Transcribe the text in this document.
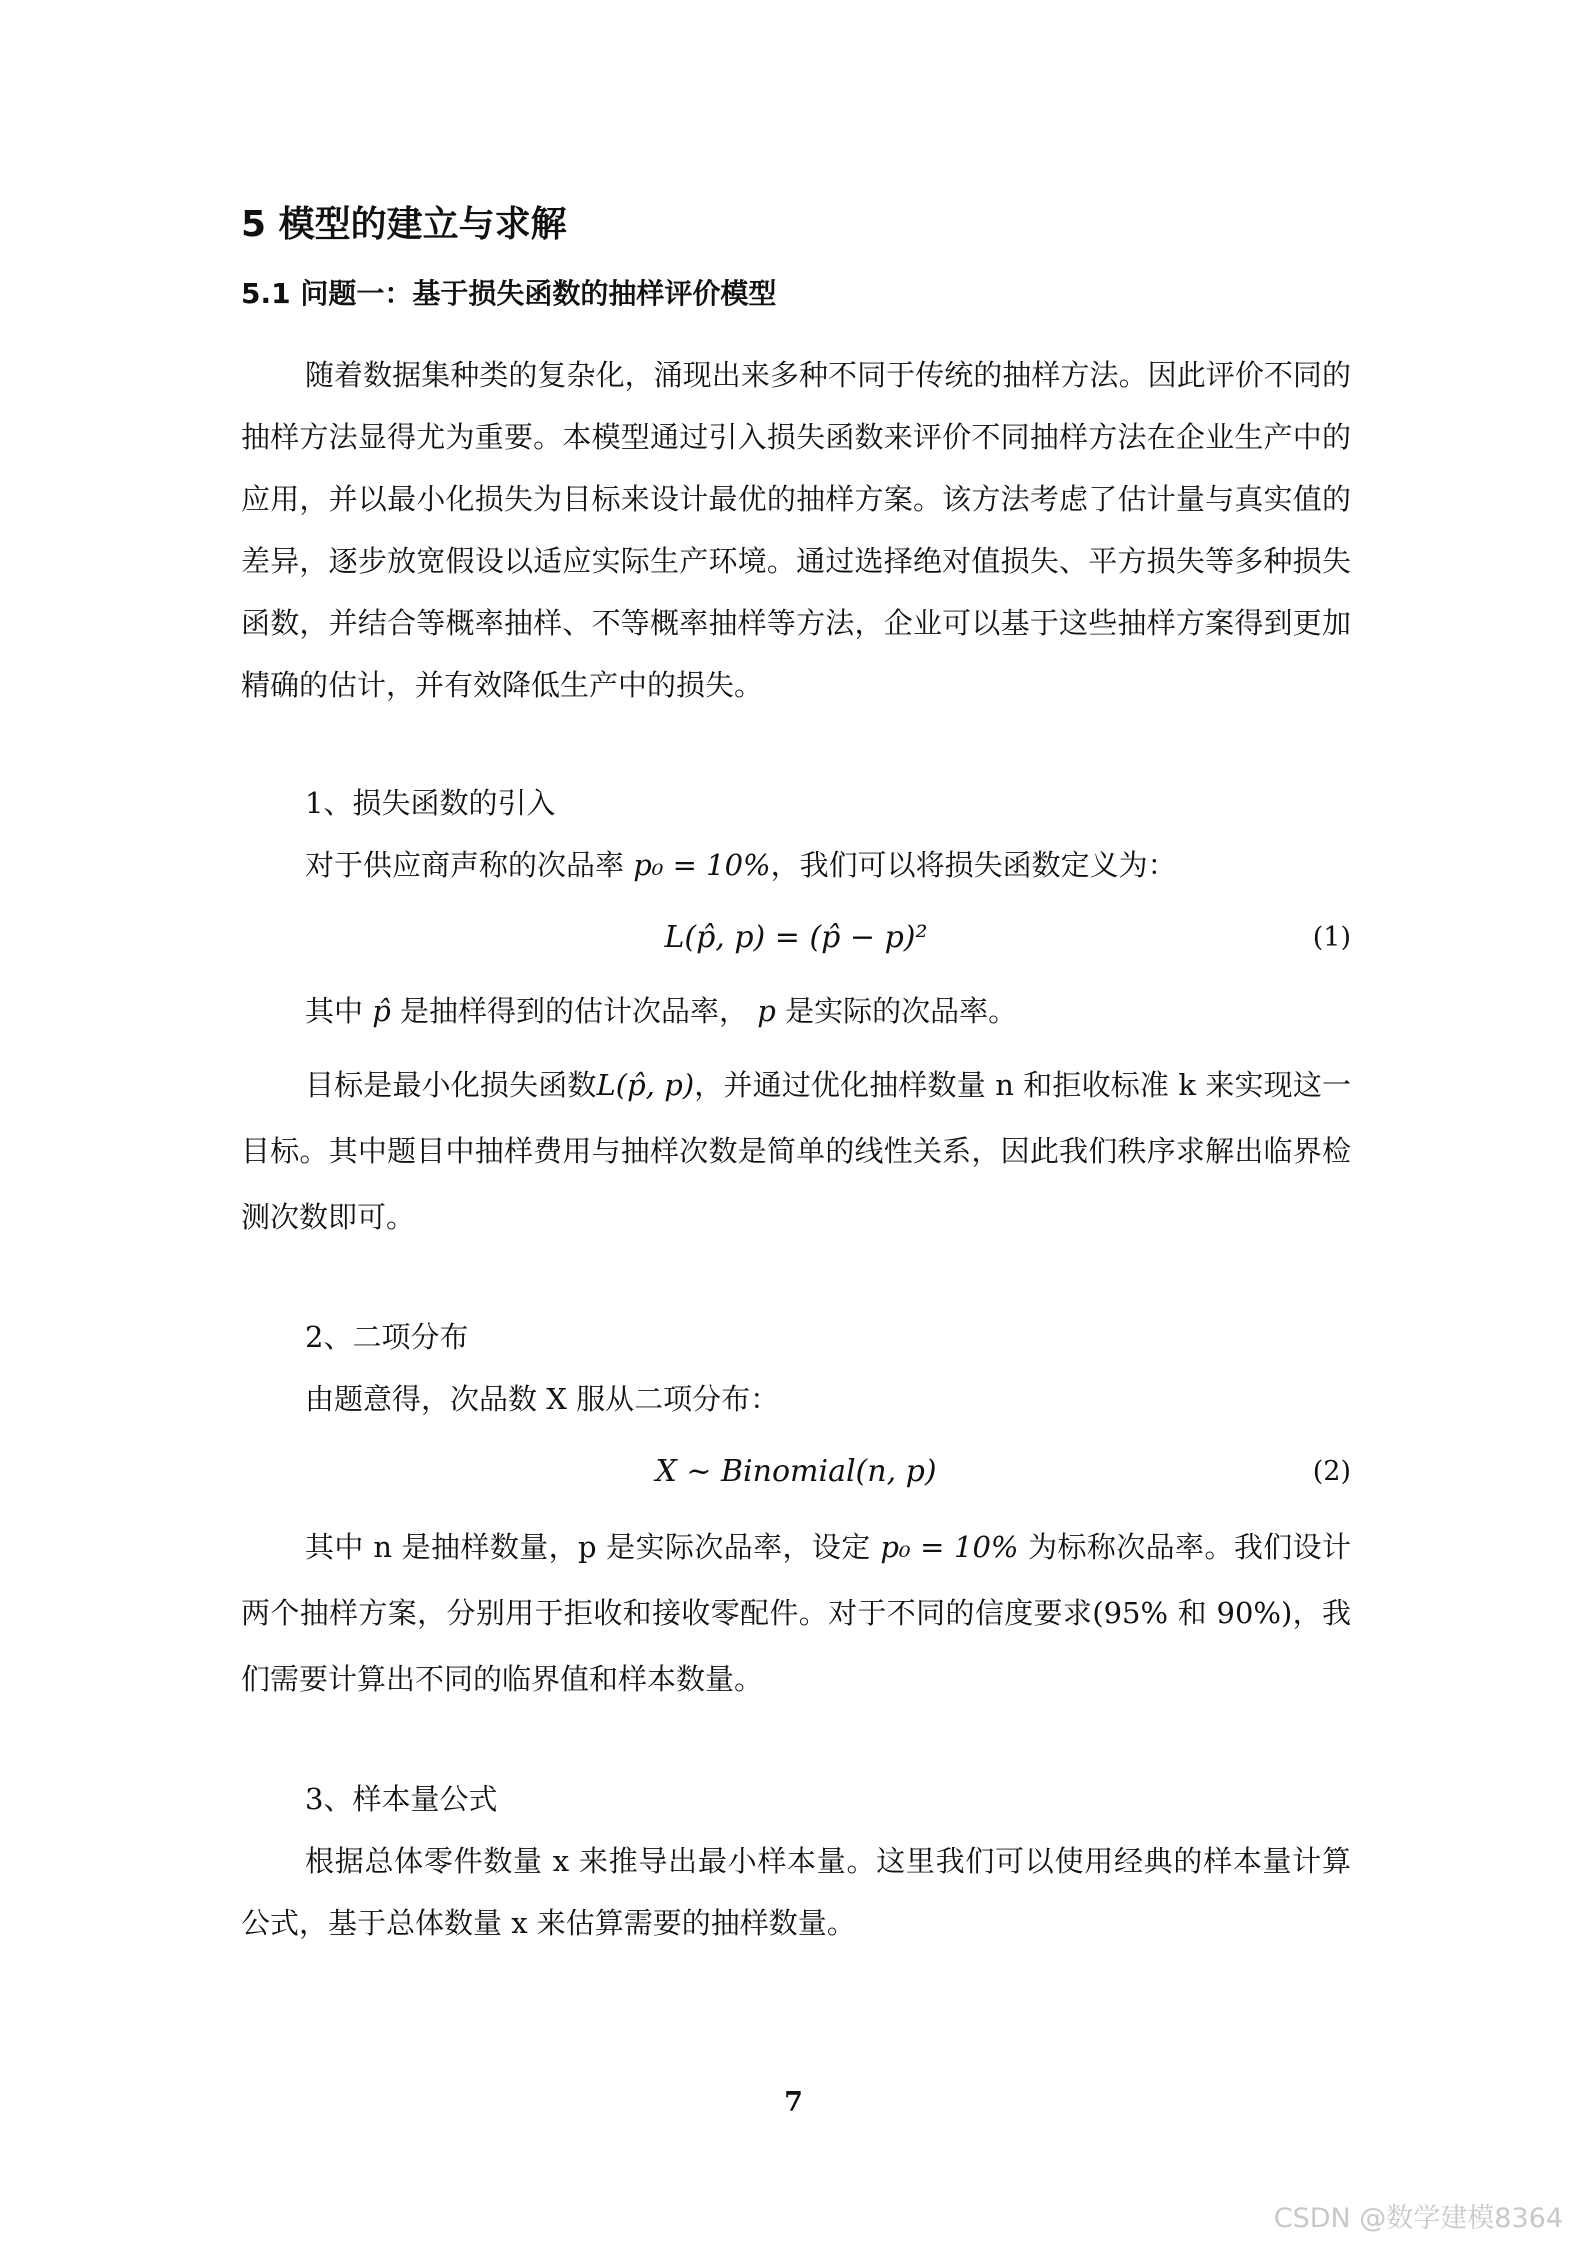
5 模型的建立与求解
5.1 问题一：基于损失函数的抽样评价模型

随着数据集种类的复杂化，涌现出来多种不同于传统的抽样方法。因此评价不同的抽样方法显得尤为重要。本模型通过引入损失函数来评价不同抽样方法在企业生产中的应用，并以最小化损失为目标来设计最优的抽样方案。该方法考虑了估计量与真实值的差异，逐步放宽假设以适应实际生产环境。通过选择绝对值损失、平方损失等多种损失函数，并结合等概率抽样、不等概率抽样等方法，企业可以基于这些抽样方案得到更加精确的估计，并有效降低生产中的损失。

1、损失函数的引入

对于供应商声称的次品率 p₀ = 10%，我们可以将损失函数定义为：

L(p̂, p) = (p̂ − p)²	(1)

其中 p̂ 是抽样得到的估计次品率， p 是实际的次品率。

目标是最小化损失函数L(p̂, p)，并通过优化抽样数量 n 和拒收标准 k 来实现这一目标。其中题目中抽样费用与抽样次数是简单的线性关系，因此我们秩序求解出临界检测次数即可。

2、二项分布

由题意得，次品数 X 服从二项分布：

X ~ Binomial(n, p)	(2)

其中 n 是抽样数量，p 是实际次品率，设定 p₀ = 10% 为标称次品率。我们设计两个抽样方案，分别用于拒收和接收零配件。对于不同的信度要求(95% 和 90%)，我们需要计算出不同的临界值和样本数量。

3、样本量公式

根据总体零件数量 x 来推导出最小样本量。这里我们可以使用经典的样本量计算公式，基于总体数量 x 来估算需要的抽样数量。

7
CSDN @数学建模8364
